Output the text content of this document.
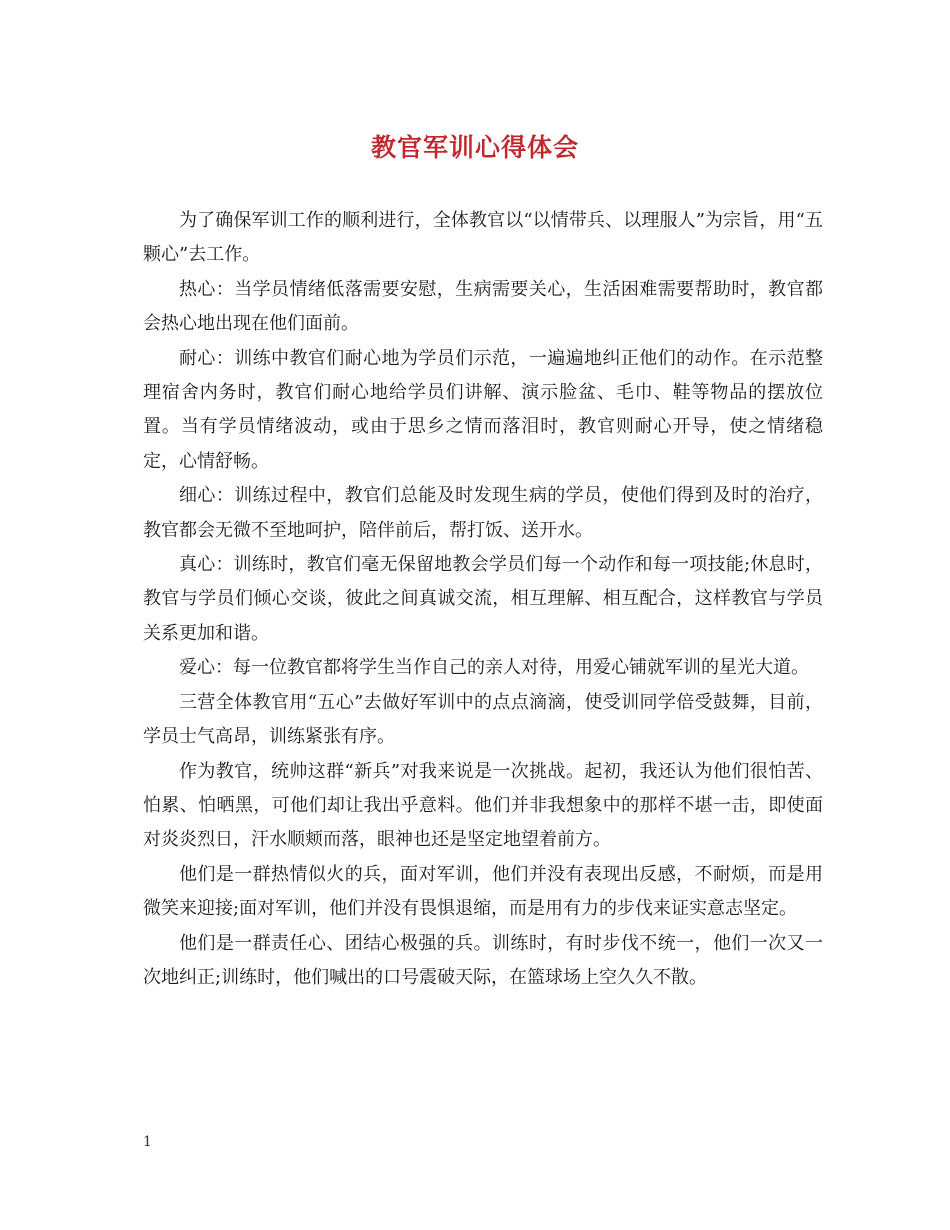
教官军训心得体会

为了确保军训工作的顺利进行，全体教官以“以情带兵、以理服人”为宗旨，用“五颗心”去工作。

热心：当学员情绪低落需要安慰，生病需要关心，生活困难需要帮助时，教官都会热心地出现在他们面前。

耐心：训练中教官们耐心地为学员们示范，一遍遍地纠正他们的动作。在示范整理宿舍内务时，教官们耐心地给学员们讲解、演示脸盆、毛巾、鞋等物品的摆放位置。当有学员情绪波动，或由于思乡之情而落泪时，教官则耐心开导，使之情绪稳定，心情舒畅。

细心：训练过程中，教官们总能及时发现生病的学员，使他们得到及时的治疗，教官都会无微不至地呵护，陪伴前后，帮打饭、送开水。

真心：训练时，教官们毫无保留地教会学员们每一个动作和每一项技能;休息时，教官与学员们倾心交谈，彼此之间真诚交流，相互理解、相互配合，这样教官与学员关系更加和谐。

爱心：每一位教官都将学生当作自己的亲人对待，用爱心铺就军训的星光大道。

三营全体教官用“五心”去做好军训中的点点滴滴，使受训同学倍受鼓舞，目前，学员士气高昂，训练紧张有序。

作为教官，统帅这群“新兵”对我来说是一次挑战。起初，我还认为他们很怕苦、怕累、怕晒黑，可他们却让我出乎意料。他们并非我想象中的那样不堪一击，即使面对炎炎烈日，汗水顺颊而落，眼神也还是坚定地望着前方。

他们是一群热情似火的兵，面对军训，他们并没有表现出反感，不耐烦，而是用微笑来迎接;面对军训，他们并没有畏惧退缩，而是用有力的步伐来证实意志坚定。

他们是一群责任心、团结心极强的兵。训练时，有时步伐不统一，他们一次又一次地纠正;训练时，他们喊出的口号震破天际，在篮球场上空久久不散。

1
